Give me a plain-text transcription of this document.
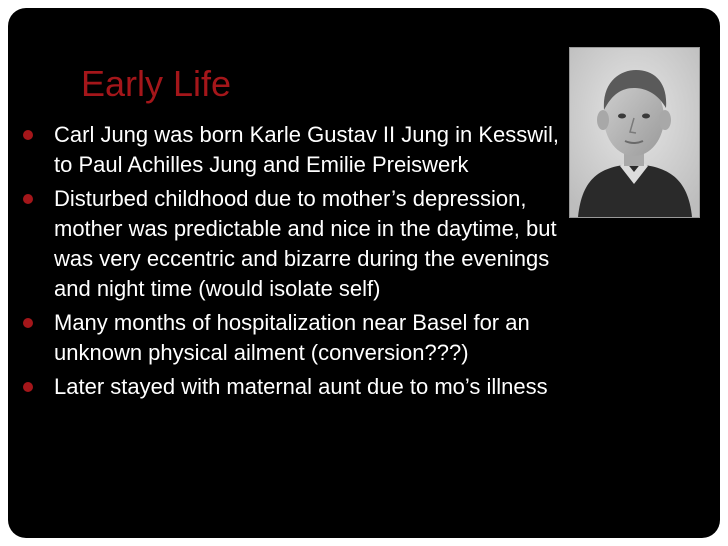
Early Life
Carl Jung was born Karle Gustav II Jung in Kesswil, to Paul Achilles Jung and Emilie Preiswerk
Disturbed childhood due to mother’s depression, mother was predictable and nice in the daytime, but was very eccentric and bizarre during the evenings and night time (would isolate self)
Many months of hospitalization near Basel for an unknown physical ailment (conversion???)
Later stayed with maternal aunt due to mo’s illness
